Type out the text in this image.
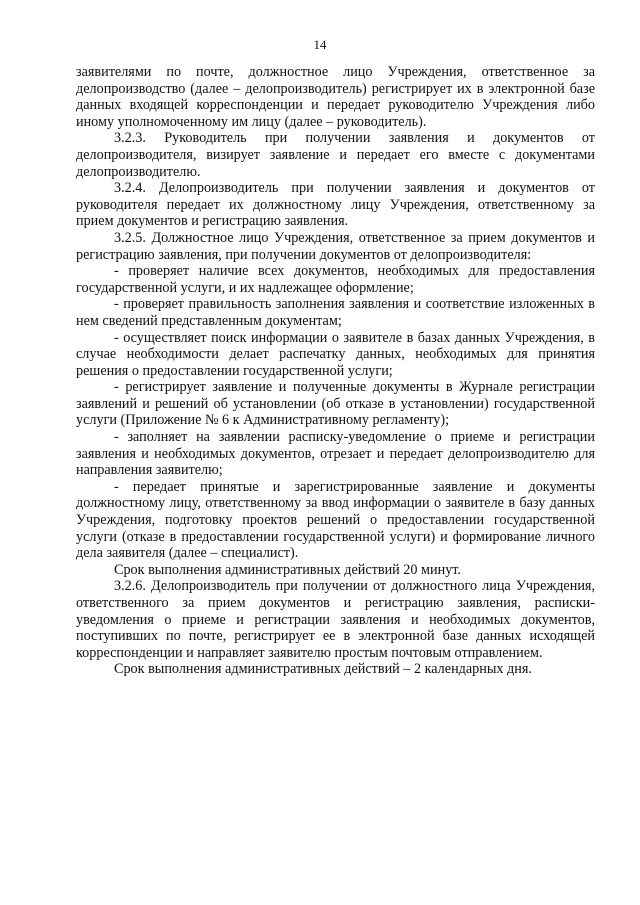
14

заявителями по почте, должностное лицо Учреждения, ответственное за делопроизводство (далее – делопроизводитель) регистрирует их в электронной базе данных входящей корреспонденции и передает руководителю Учреждения либо иному уполномоченному им лицу (далее – руководитель).

3.2.3. Руководитель при получении заявления и документов от делопроизводителя, визирует заявление и передает его вместе с документами делопроизводителю.

3.2.4. Делопроизводитель при получении заявления и документов от руководителя передает их должностному лицу Учреждения, ответственному за прием документов и регистрацию заявления.

3.2.5. Должностное лицо Учреждения, ответственное за прием документов и регистрацию заявления, при получении документов от делопроизводителя:

- проверяет наличие всех документов, необходимых для предоставления государственной услуги, и их надлежащее оформление;

- проверяет правильность заполнения заявления и соответствие изложенных в нем сведений представленным документам;

- осуществляет поиск информации о заявителе в базах данных Учреждения, в случае необходимости делает распечатку данных, необходимых для принятия решения о предоставлении государственной услуги;

- регистрирует заявление и полученные документы в Журнале регистрации заявлений и решений об установлении (об отказе в установлении) государственной услуги (Приложение № 6 к Административному регламенту);

- заполняет на заявлении расписку-уведомление о приеме и регистрации заявления и необходимых документов, отрезает и передает делопроизводителю для направления заявителю;

- передает принятые и зарегистрированные заявление и документы должностному лицу, ответственному за ввод информации о заявителе в базу данных Учреждения, подготовку проектов решений о предоставлении государственной услуги (отказе в предоставлении государственной услуги) и формирование личного дела заявителя (далее – специалист).

Срок выполнения административных действий 20 минут.

3.2.6. Делопроизводитель при получении от должностного лица Учреждения, ответственного за прием документов и регистрацию заявления, расписки-уведомления о приеме и регистрации заявления и необходимых документов, поступивших по почте, регистрирует ее в электронной базе данных исходящей корреспонденции и направляет заявителю простым почтовым отправлением.

Срок выполнения административных действий – 2 календарных дня.
